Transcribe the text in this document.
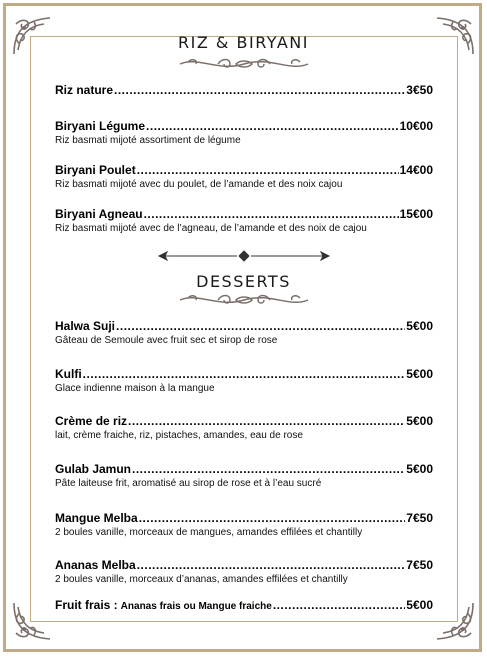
RIZ & BIRYANI
Riz nature .....	3€50
Biryani Légume .....	10€00
Riz basmati mijoté assortiment de légume
Biryani Poulet .....	14€00
Riz basmati mijoté avec du poulet, de l’amande et des noix cajou
Biryani Agneau .....	15€00
Riz basmati mijoté avec de l’agneau, de l’amande et des noix de cajou
DESSERTS
Halwa Suji .....	5€00
Gâteau de Semoule avec fruit sec et sirop de rose
Kulfi .....	5€00
Glace indienne maison à la mangue
Crème de riz .....	5€00
lait, crème fraiche, riz, pistaches, amandes, eau de rose
Gulab Jamun .....	5€00
Pâte laiteuse frit, aromatisé au sirop de rose et à l’eau sucré
Mangue Melba .....	7€50
2 boules vanille, morceaux de mangues, amandes effilées et chantilly
Ananas Melba .....	7€50
2 boules vanille, morceaux d’ananas, amandes effilées et chantilly
Fruit frais : Ananas frais ou Mangue fraiche .....	5€00
